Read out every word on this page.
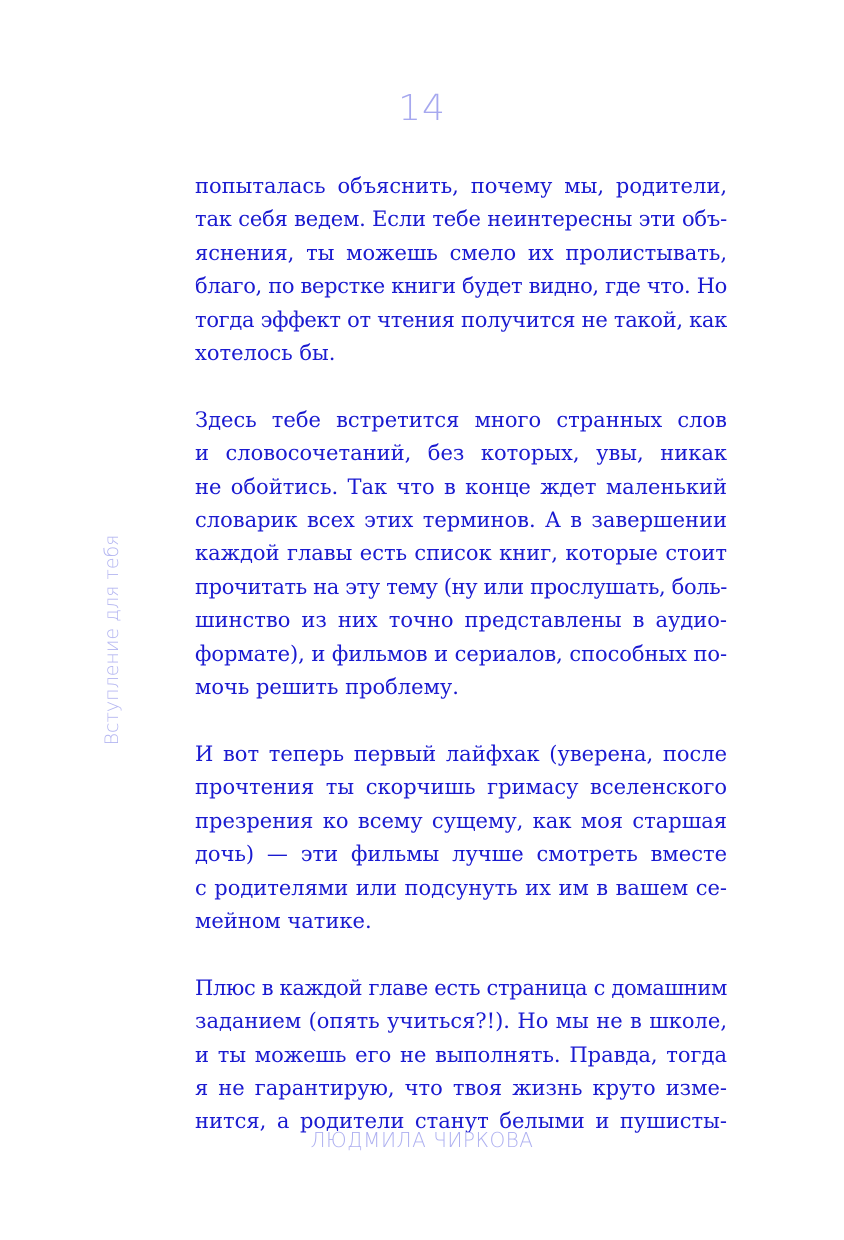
14
Вступление для тебя

попыталась объяснить, почему мы, родители,
так себя ведем. Если тебе неинтересны эти объ-
яснения, ты можешь смело их пролистывать,
благо, по верстке книги будет видно, где что. Но
тогда эффект от чтения получится не такой, как
хотелось бы.

Здесь тебе встретится много странных слов
и словосочетаний, без которых, увы, никак
не обойтись. Так что в конце ждет маленький
словарик всех этих терминов. А в завершении
каждой главы есть список книг, которые стоит
прочитать на эту тему (ну или прослушать, боль-
шинство из них точно представлены в аудио-
формате), и фильмов и сериалов, способных по-
мочь решить проблему.

И вот теперь первый лайфхак (уверена, после
прочтения ты скорчишь гримасу вселенского
презрения ко всему сущему, как моя старшая
дочь) — эти фильмы лучше смотреть вместе
с родителями или подсунуть их им в вашем се-
мейном чатике.

Плюс в каждой главе есть страница с домашним
заданием (опять учиться?!). Но мы не в школе,
и ты можешь его не выполнять. Правда, тогда
я не гарантирую, что твоя жизнь круто изме-
нится, а родители станут белыми и пушисты-

ЛЮДМИЛА ЧИРКОВА
